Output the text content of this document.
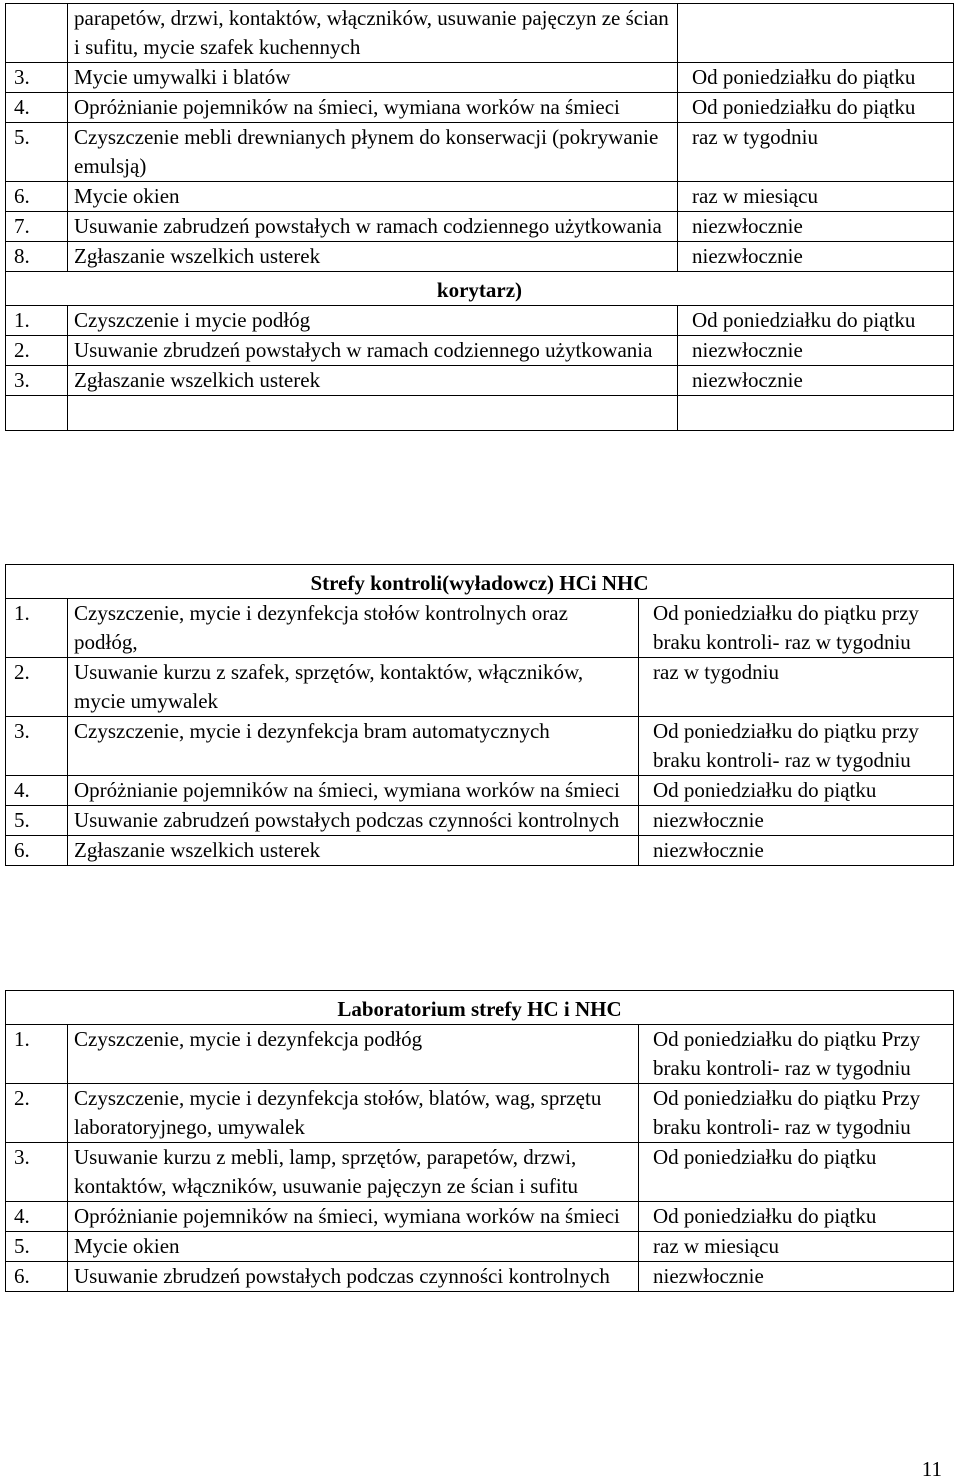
	parapetów, drzwi, kontaktów, włączników, usuwanie pajęczyn ze ścian i sufitu, mycie szafek kuchennych	
3.	Mycie umywalki i blatów	Od poniedziałku do piątku
4.	Opróżnianie pojemników na śmieci, wymiana worków na śmieci	Od poniedziałku do piątku
5.	Czyszczenie mebli drewnianych płynem do konserwacji (pokrywanie emulsją)	raz w tygodniu
6.	Mycie okien	raz w miesiącu
7.	Usuwanie zabrudzeń powstałych w ramach codziennego użytkowania	niezwłocznie
8.	Zgłaszanie wszelkich usterek	niezwłocznie
korytarz)		
1.	Czyszczenie i mycie podłóg	Od poniedziałku do piątku
2.	Usuwanie zbrudzeń powstałych w ramach codziennego użytkowania	niezwłocznie
3.	Zgłaszanie wszelkich usterek	niezwłocznie

Strefy kontroli(wyładowcz) HCi NHC		
1.	Czyszczenie, mycie i dezynfekcja stołów kontrolnych oraz podłóg,	Od poniedziałku do piątku przy braku kontroli- raz w tygodniu
2.	Usuwanie kurzu z szafek, sprzętów, kontaktów, włączników, mycie umywalek	raz w tygodniu
3.	Czyszczenie, mycie i dezynfekcja bram automatycznych	Od poniedziałku do piątku przy braku kontroli- raz w tygodniu
4.	Opróżnianie pojemników na śmieci, wymiana worków na śmieci	Od poniedziałku do piątku
5.	Usuwanie zabrudzeń powstałych podczas czynności kontrolnych	niezwłocznie
6.	Zgłaszanie wszelkich usterek	niezwłocznie
Laboratorium strefy HC i NHC		
1.	Czyszczenie, mycie i dezynfekcja podłóg	Od poniedziałku do piątku Przy braku kontroli- raz w tygodniu
2.	Czyszczenie, mycie i dezynfekcja stołów, blatów, wag, sprzętu laboratoryjnego, umywalek	Od poniedziałku do piątku Przy braku kontroli- raz w tygodniu
3.	Usuwanie kurzu z mebli, lamp, sprzętów, parapetów, drzwi, kontaktów, włączników, usuwanie pajęczyn ze ścian i sufitu	Od poniedziałku do piątku
4.	Opróżnianie pojemników na śmieci, wymiana worków na śmieci	Od poniedziałku do piątku
5.	Mycie okien	raz w miesiącu
6.	Usuwanie zbrudzeń powstałych podczas czynności kontrolnych	niezwłocznie
11
